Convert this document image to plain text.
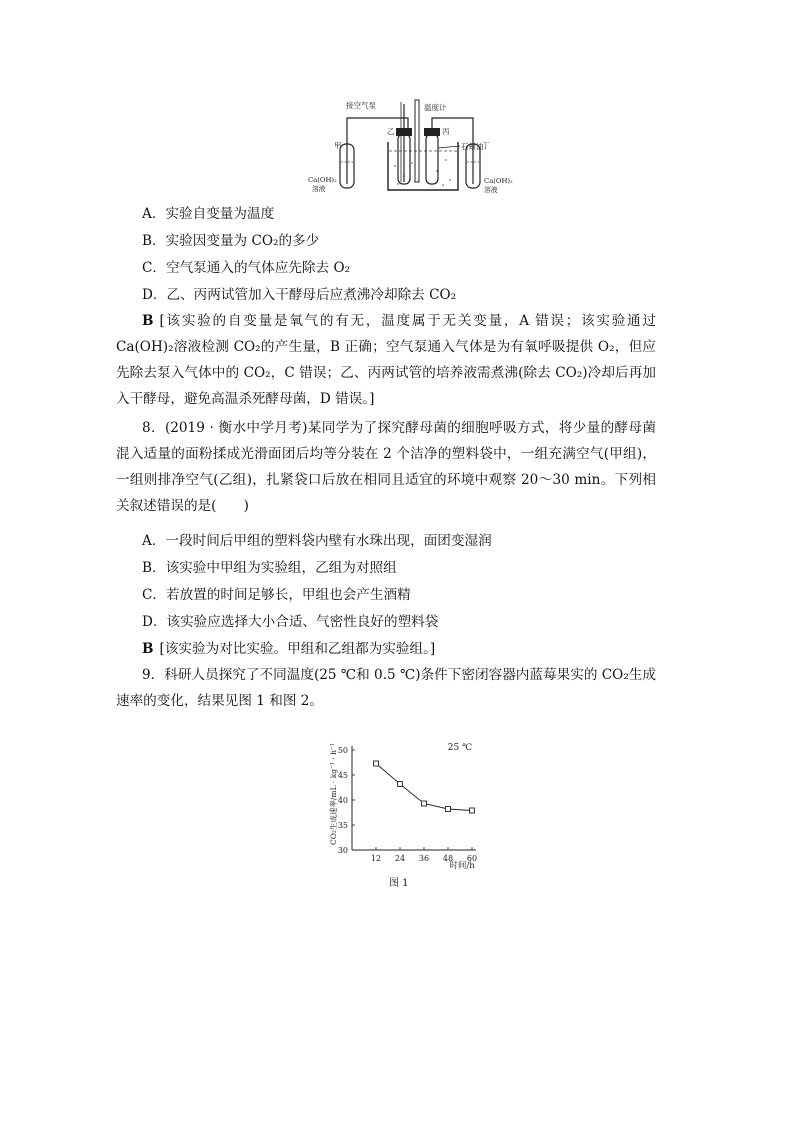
接空气泵	温度计
乙	丙
石蜡油
甲	丁
Ca(OH)₂
溶液
Ca(OH)₂
溶液
A．实验自变量为温度
B．实验因变量为 CO₂的多少
C．空气泵通入的气体应先除去 O₂
D．乙、丙两试管加入干酵母后应煮沸冷却除去 CO₂
B [该实验的自变量是氧气的有无，温度属于无关变量，A 错误；该实验通过 Ca(OH)₂溶液检测 CO₂的产生量，B 正确；空气泵通入气体是为有氧呼吸提供 O₂，但应先除去泵入气体中的 CO₂，C 错误；乙、丙两试管的培养液需煮沸(除去 CO₂)冷却后再加入干酵母，避免高温杀死酵母菌，D 错误。]
8．(2019 · 衡水中学月考)某同学为了探究酵母菌的细胞呼吸方式，将少量的酵母菌混入适量的面粉揉成光滑面团后均等分装在 2 个洁净的塑料袋中，一组充满空气(甲组)，一组则排净空气(乙组)，扎紧袋口后放在相同且适宜的环境中观察 20～30 min。下列相关叙述错误的是(　　)
A．一段时间后甲组的塑料袋内壁有水珠出现，面团变湿润
B．该实验中甲组为实验组，乙组为对照组
C．若放置的时间足够长，甲组也会产生酒精
D．该实验应选择大小合适、气密性良好的塑料袋
B [该实验为对比实验。甲组和乙组都为实验组。]
9．科研人员探究了不同温度(25 ℃和 0.5 ℃)条件下密闭容器内蓝莓果实的 CO₂生成速率的变化，结果见图 1 和图 2。
12 24 36 48 60
30
35
40
45
50	25 ℃
时间/h
CO₂生成速率/mL · kg⁻¹ · h⁻¹
图 1
